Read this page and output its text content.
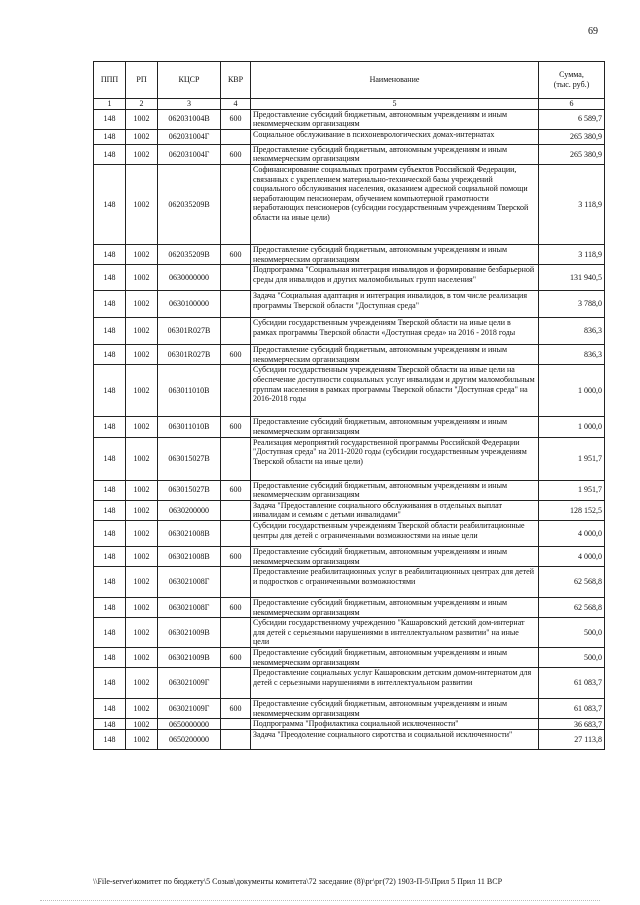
69
ППП	РП	КЦСР	КВР	Наименование	Сумма,
(тыс. руб.)
1	2	3	4	5	6
148	1002	062031004В	600	Предоставление субсидий бюджетным, автономным учреждениям и иным некоммерческим организациям	6 589,7
148	1002	062031004Г		Социальное обслуживание в психоневрологических домах-интернатах	265 380,9
148	1002	062031004Г	600	Предоставление субсидий бюджетным, автономным учреждениям и иным некоммерческим организациям	265 380,9
148	1002	062035209В		Софинансирование социальных программ субъектов Российской Федерации, связанных с укреплением материально-технической базы учреждений социального обслуживания населения, оказанием адресной социальной помощи неработающим пенсионерам, обучением компьютерной грамотности неработающих пенсионеров (субсидии государственным учреждениям Тверской области на иные цели)	3 118,9
148	1002	062035209В	600	Предоставление субсидий бюджетным, автономным учреждениям и иным некоммерческим организациям	3 118,9
148	1002	0630000000		Подпрограмма "Социальная интеграция инвалидов и формирование безбарьерной среды для инвалидов и других маломобильных групп населения"	131 940,5
148	1002	0630100000		Задача "Социальная адаптация и интеграция инвалидов, в том числе реализация программы Тверской области "Доступная среда"	3 788,0
148	1002	06301R027В		Субсидии государственным учреждениям Тверской области на иные цели в рамках программы Тверской области «Доступная среда» на 2016 - 2018 годы	836,3
148	1002	06301R027В	600	Предоставление субсидий бюджетным, автономным учреждениям и иным некоммерческим организациям	836,3
148	1002	063011010В		Субсидии государственным учреждениям Тверской области на иные цели на обеспечение доступности социальных услуг инвалидам и другим маломобильным группам населения в рамках программы Тверской области "Доступная среда" на 2016-2018 годы	1 000,0
148	1002	063011010В	600	Предоставление субсидий бюджетным, автономным учреждениям и иным некоммерческим организациям	1 000,0
148	1002	063015027В		Реализация мероприятий государственной программы Российской Федерации "Доступная среда" на 2011-2020 годы (субсидии государственным учреждениям Тверской области на иные цели)	1 951,7
148	1002	063015027В	600	Предоставление субсидий бюджетным, автономным учреждениям и иным некоммерческим организациям	1 951,7
148	1002	0630200000		Задача "Предоставление социального обслуживания в отдельных выплат инвалидам и семьям с детьми инвалидами"	128 152,5
148	1002	063021008В		Субсидии государственным учреждениям Тверской области реабилитационные центры для детей с ограниченными возможностями на иные цели	4 000,0
148	1002	063021008В	600	Предоставление субсидий бюджетным, автономным учреждениям и иным некоммерческим организациям	4 000,0
148	1002	063021008Г		Предоставление реабилитационных услуг в реабилитационных центрах для детей и подростков с ограниченными возможностями	62 568,8
148	1002	063021008Г	600	Предоставление субсидий бюджетным, автономным учреждениям и иным некоммерческим организациям	62 568,8
148	1002	063021009В		Субсидии государственному учреждению "Кашаровский детский дом-интернат для детей с серьезными нарушениями в интеллектуальном развитии" на иные цели	500,0
148	1002	063021009В	600	Предоставление субсидий бюджетным, автономным учреждениям и иным некоммерческим организациям	500,0
148	1002	063021009Г		Предоставление социальных услуг Кашаровским детским домом-интернатом для детей с серьезными нарушениями в интеллектуальном развитии	61 083,7
148	1002	063021009Г	600	Предоставление субсидий бюджетным, автономным учреждениям и иным некоммерческим организациям	61 083,7
148	1002	0650000000		Подпрограмма "Профилактика социальной исключенности"	36 683,7
148	1002	0650200000		Задача "Преодоление социального сиротства и социальной исключенности"	27 113,8
\\File-server\комитет по бюджету\5 Созыв\документы комитета\72 заседание (8)\рг\рг(72) 1903-П-5\Прил 5 Прил 11 ВСР
